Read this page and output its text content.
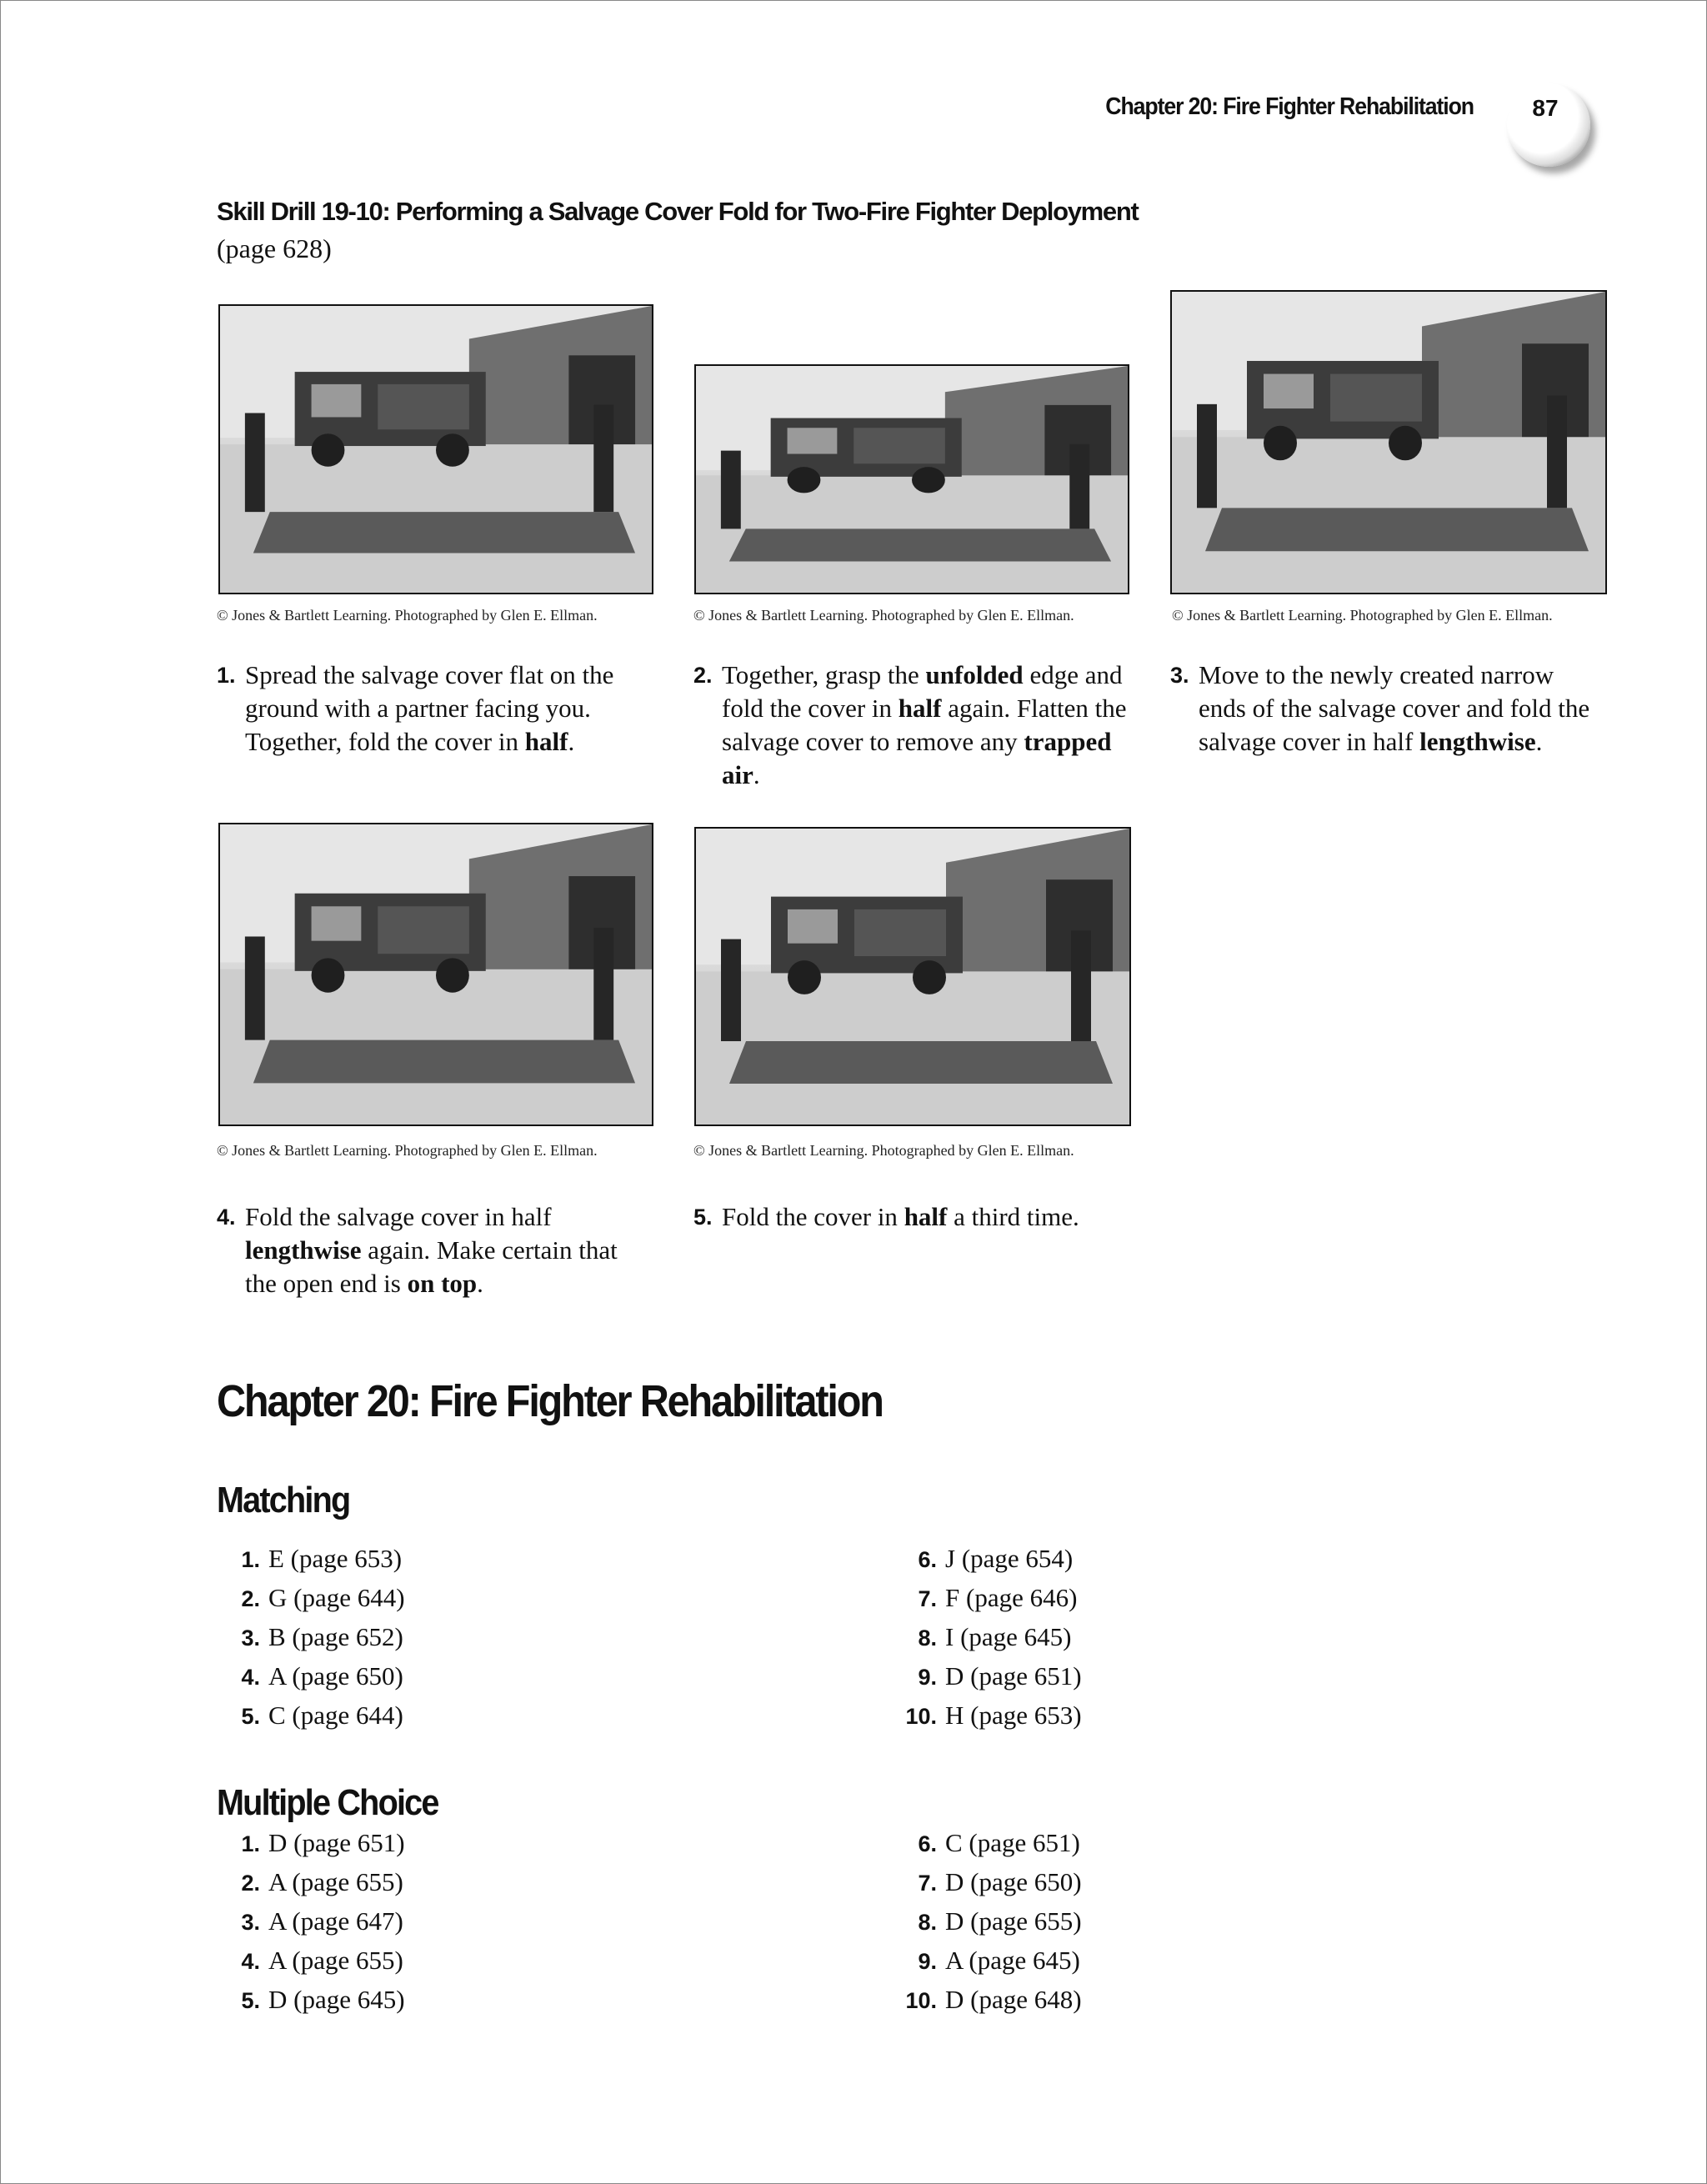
Chapter 20: Fire Fighter Rehabilitation	87
Skill Drill 19-10: Performing a Salvage Cover Fold for Two-Fire Fighter Deployment
(page 628)
© Jones & Bartlett Learning. Photographed by Glen E. Ellman.	© Jones & Bartlett Learning. Photographed by Glen E. Ellman.	© Jones & Bartlett Learning. Photographed by Glen E. Ellman.
© Jones & Bartlett Learning. Photographed by Glen E. Ellman.	© Jones & Bartlett Learning. Photographed by Glen E. Ellman.
1. Spread the salvage cover flat on the ground with a partner facing you. Together, fold the cover in half.
2. Together, grasp the unfolded edge and fold the cover in half again. Flatten the salvage cover to remove any trapped air.
3. Move to the newly created narrow ends of the salvage cover and fold the salvage cover in half lengthwise.
4. Fold the salvage cover in half lengthwise again. Make certain that the open end is on top.
5. Fold the cover in half a third time.
Chapter 20: Fire Fighter Rehabilitation
Matching
1. E (page 653)
2. G (page 644)
3. B (page 652)
4. A (page 650)
5. C (page 644)
6. J (page 654)
7. F (page 646)
8. I (page 645)
9. D (page 651)
10. H (page 653)
Multiple Choice
1. D (page 651)
2. A (page 655)
3. A (page 647)
4. A (page 655)
5. D (page 645)
6. C (page 651)
7. D (page 650)
8. D (page 655)
9. A (page 645)
10. D (page 648)
